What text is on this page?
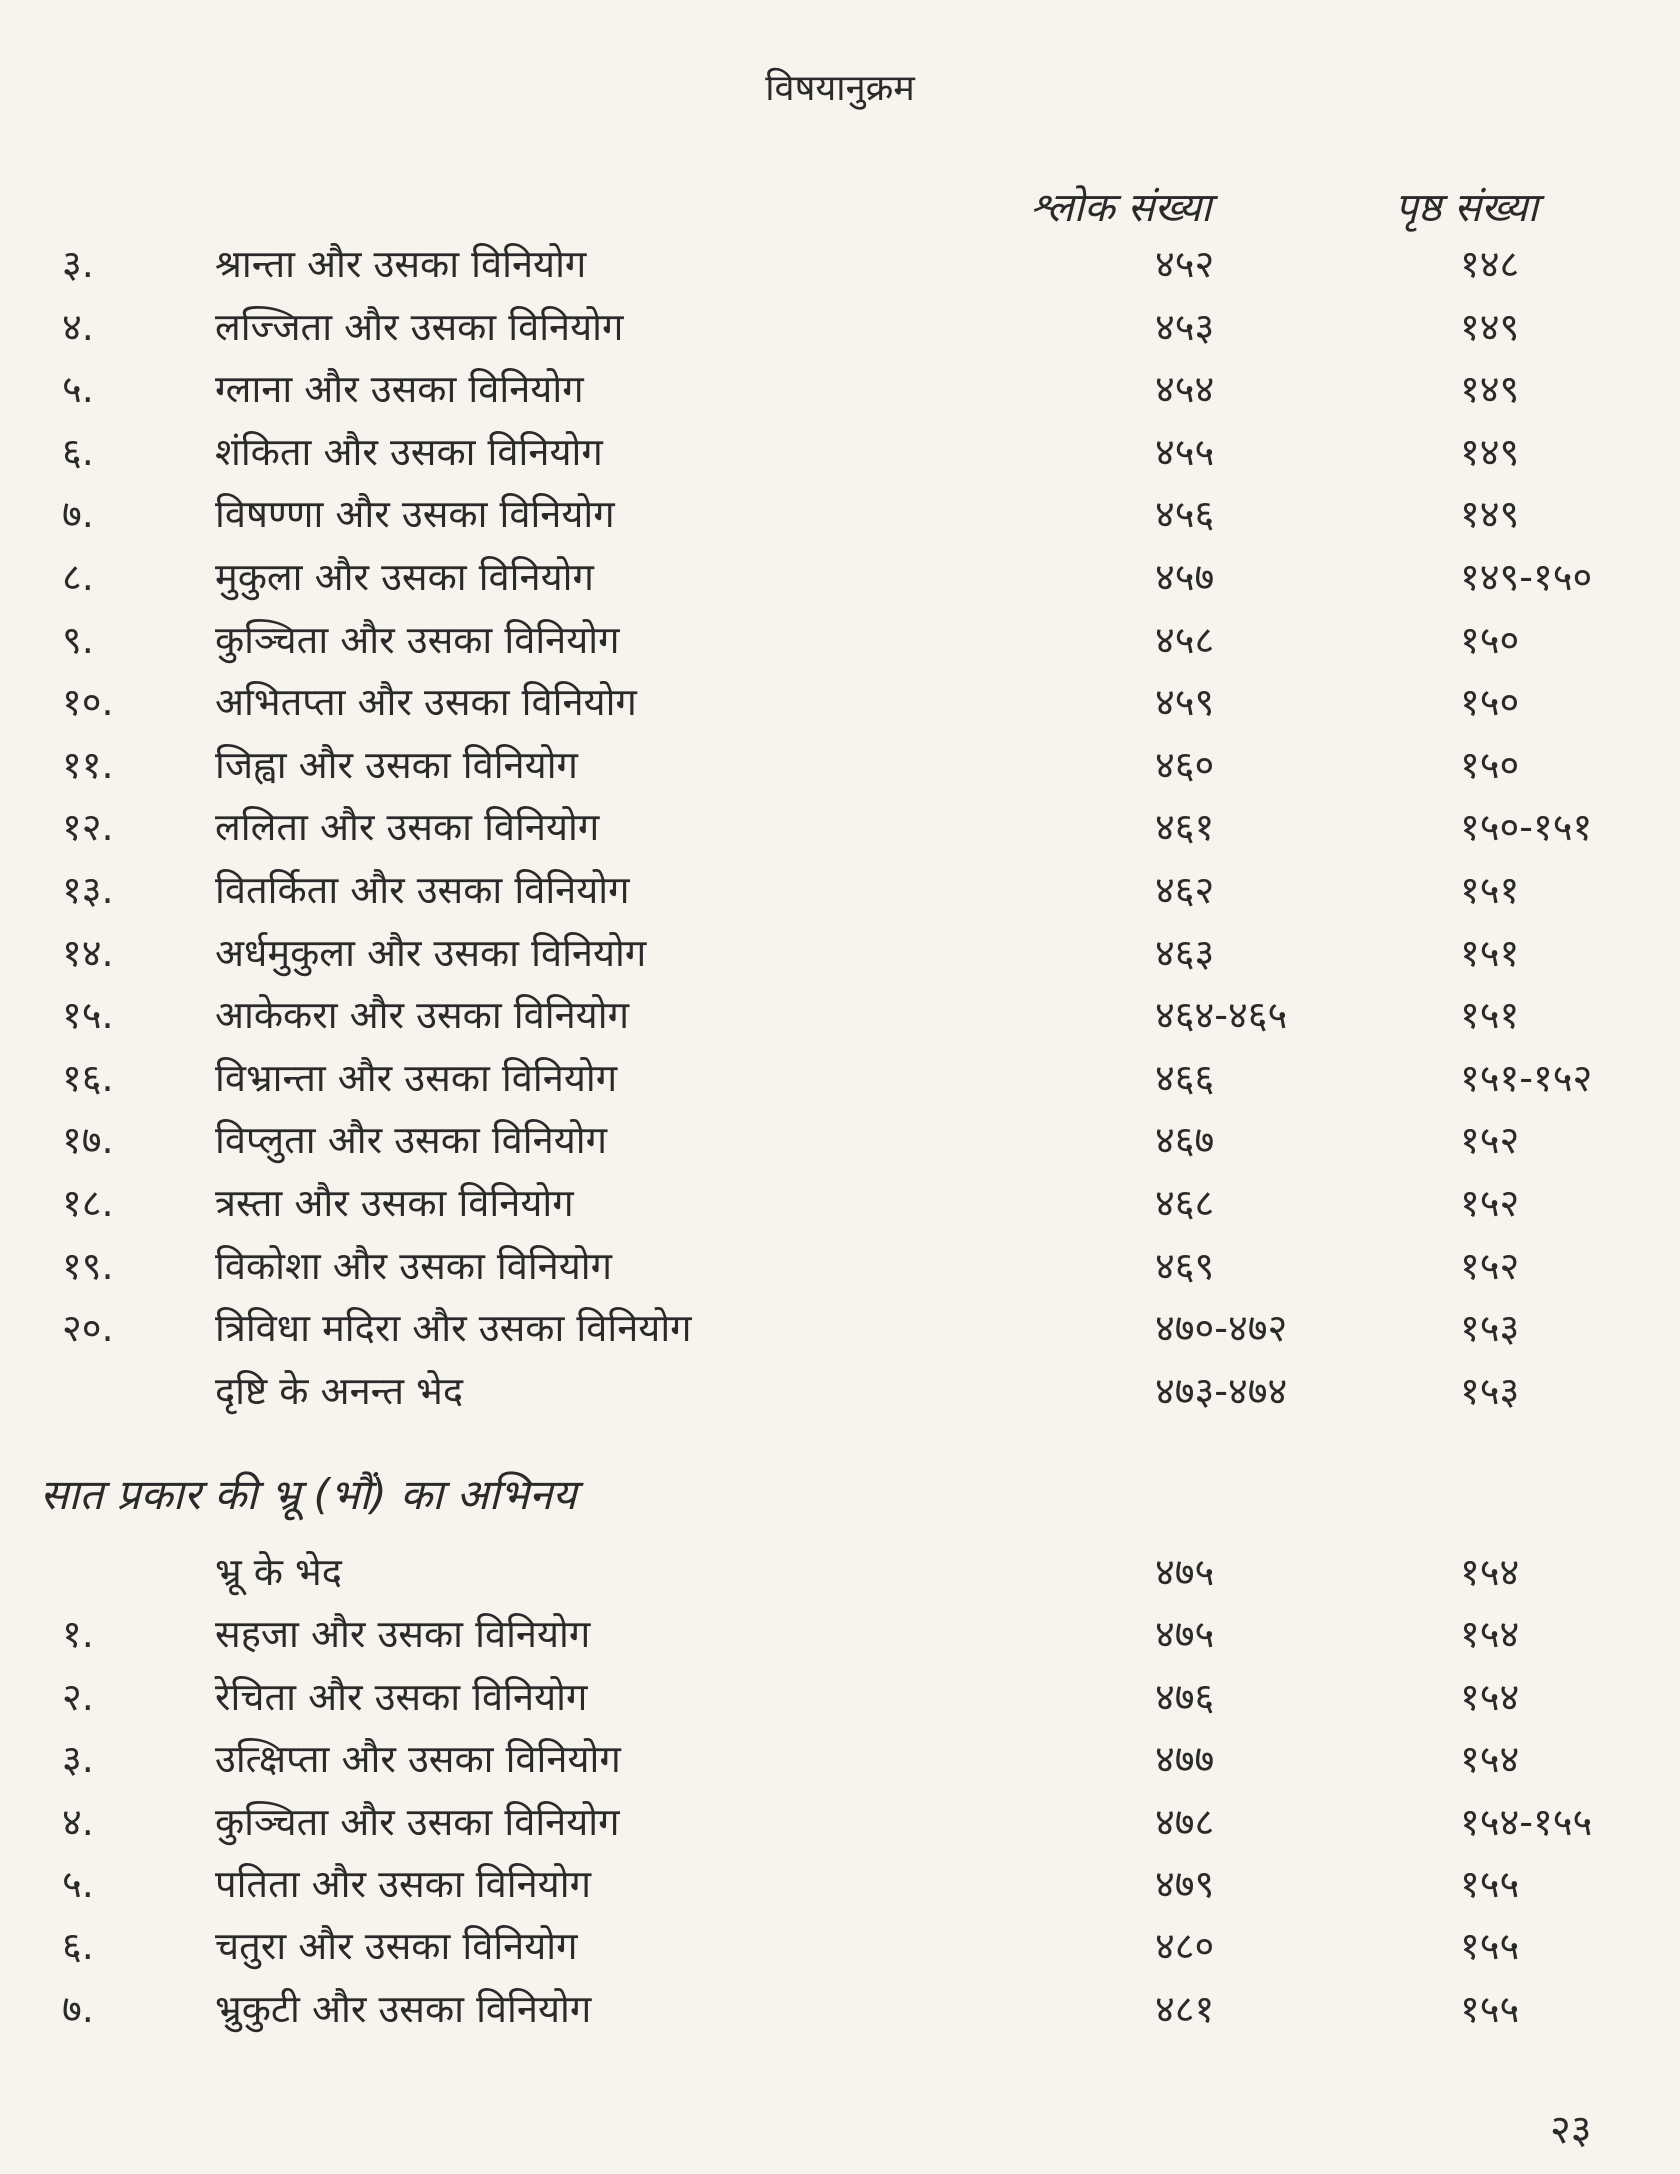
विषयानुक्रम
श्लोक संख्या	पृष्ठ संख्या
३.	श्रान्ता और उसका विनियोग	४५२	१४८
४.	लज्जिता और उसका विनियोग	४५३	१४९
५.	ग्लाना और उसका विनियोग	४५४	१४९
६.	शंकिता और उसका विनियोग	४५५	१४९
७.	विषण्णा और उसका विनियोग	४५६	१४९
८.	मुकुला और उसका विनियोग	४५७	१४९-१५०
९.	कुञ्चिता और उसका विनियोग	४५८	१५०
१०.	अभितप्ता और उसका विनियोग	४५९	१५०
११.	जिह्वा और उसका विनियोग	४६०	१५०
१२.	ललिता और उसका विनियोग	४६१	१५०-१५१
१३.	वितर्किता और उसका विनियोग	४६२	१५१
१४.	अर्धमुकुला और उसका विनियोग	४६३	१५१
१५.	आकेकरा और उसका विनियोग	४६४-४६५	१५१
१६.	विभ्रान्ता और उसका विनियोग	४६६	१५१-१५२
१७.	विप्लुता और उसका विनियोग	४६७	१५२
१८.	त्रस्ता और उसका विनियोग	४६८	१५२
१९.	विकोशा और उसका विनियोग	४६९	१५२
२०.	त्रिविधा मदिरा और उसका विनियोग	४७०-४७२	१५३
दृष्टि के अनन्त भेद	४७३-४७४	१५३
सात प्रकार की भ्रू (भौं) का अभिनय
भ्रू के भेद	४७५	१५४
१.	सहजा और उसका विनियोग	४७५	१५४
२.	रेचिता और उसका विनियोग	४७६	१५४
३.	उत्क्षिप्ता और उसका विनियोग	४७७	१५४
४.	कुञ्चिता और उसका विनियोग	४७८	१५४-१५५
५.	पतिता और उसका विनियोग	४७९	१५५
६.	चतुरा और उसका विनियोग	४८०	१५५
७.	भ्रुकुटी और उसका विनियोग	४८१	१५५
२३
